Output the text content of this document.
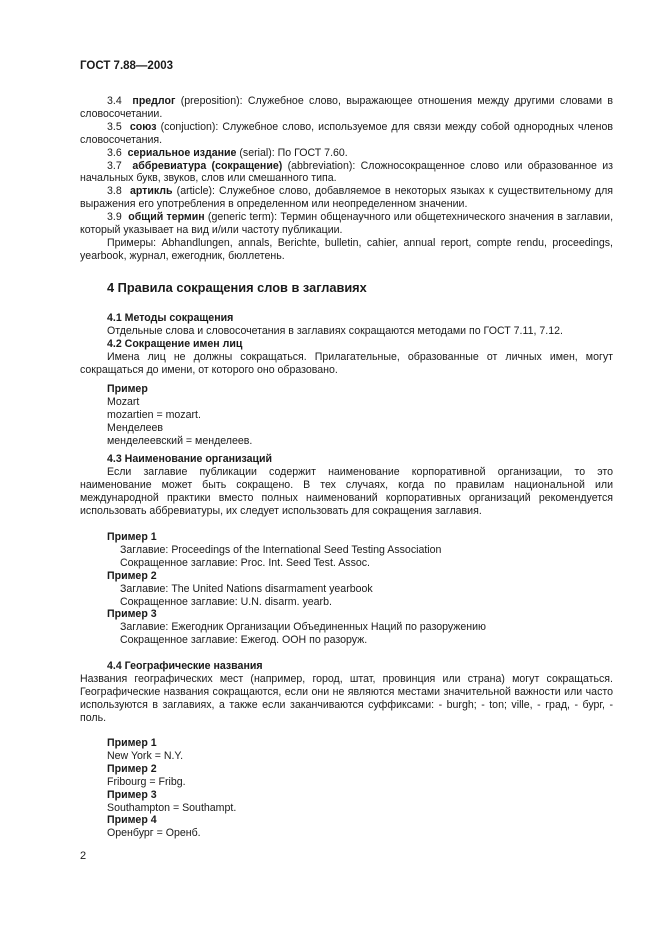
ГОСТ 7.88—2003

3.4 предлог (preposition): Служебное слово, выражающее отношения между другими словами в словосочетании.

3.5 союз (conjuction): Служебное слово, используемое для связи между собой однородных членов словосочетания.

3.6 сериальное издание (serial): По ГОСТ 7.60.

3.7 аббревиатура (сокращение) (abbreviation): Сложносокращенное слово или образованное из начальных букв, звуков, слов или смешанного типа.

3.8 артикль (article): Служебное слово, добавляемое в некоторых языках к существительному для выражения его употребления в определенном или неопределенном значении.

3.9 общий термин (generic term): Термин общенаучного или общетехнического значения в заглавии, который указывает на вид и/или частоту публикации.

Примеры: Abhandlungen, annals, Berichte, bulletin, cahier, annual report, compte rendu, proceedings, yearbook, журнал, ежегодник, бюллетень.

4 Правила сокращения слов в заглавиях

4.1 Методы сокращения

Отдельные слова и словосочетания в заглавиях сокращаются методами по ГОСТ 7.11, 7.12.

4.2 Сокращение имен лиц

Имена лиц не должны сокращаться. Прилагательные, образованные от личных имен, могут сокращаться до имени, от которого оно образовано.

Пример

Mozart

mozartien = mozart.

Менделеев

менделеевский = менделеев.

4.3 Наименование организаций

Если заглавие публикации содержит наименование корпоративной организации, то это наименование может быть сокращено. В тех случаях, когда по правилам национальной или международной практики вместо полных наименований корпоративных организаций рекомендуется использовать аббревиатуры, их следует использовать для сокращения заглавия.

Пример 1

Заглавие: Proceedings of the International Seed Testing Association

Сокращенное заглавие: Proc. Int. Seed Test. Assoc.

Пример 2

Заглавие: The United Nations disarmament yearbook

Сокращенное заглавие: U.N. disarm. yearb.

Пример 3

Заглавие: Ежегодник Организации Объединенных Наций по разоружению

Сокращенное заглавие: Ежегод. ООН по разоруж.

4.4 Географические названия

Названия географических мест (например, город, штат, провинция или страна) могут сокращаться. Географические названия сокращаются, если они не являются местами значительной важности или часто используются в заглавиях, а также если заканчиваются суффиксами: - burgh; - ton; ville, - град, - бург, - поль.

Пример 1

New York = N.Y.

Пример 2

Fribourg = Fribg.

Пример 3

Southampton = Southampt.

Пример 4

Оренбург = Оренб.

2
